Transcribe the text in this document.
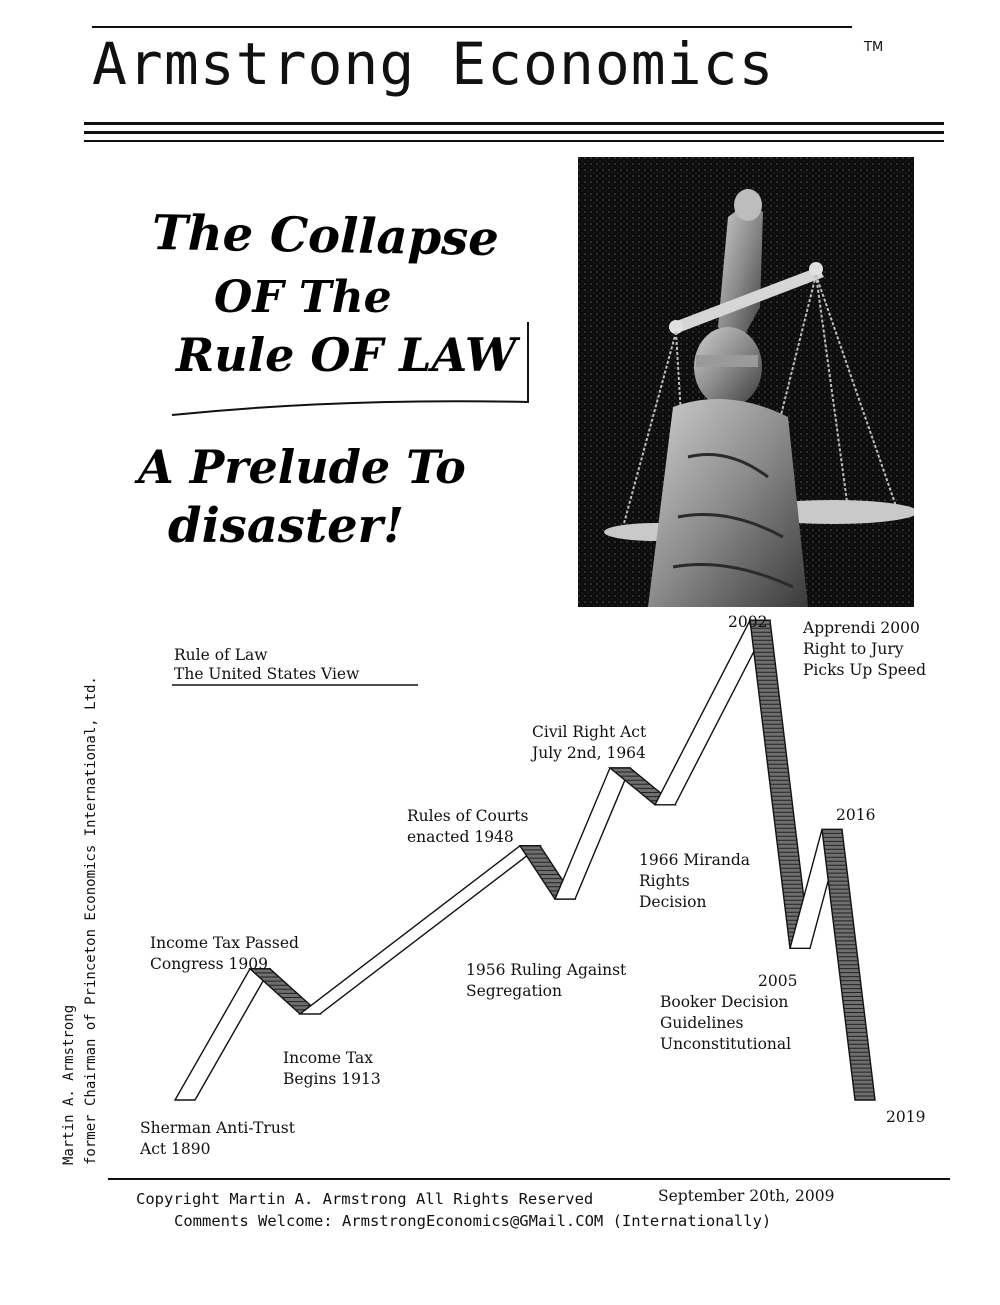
Armstrong Economics	TM
The Collapse
OF The
Rule OF LAW
A Prelude To
disaster!
Martin A. Armstrong former Chairman of Princeton Economics International, Ltd.
Rule of Law
The United States View
Sherman Anti-Trust
Act 1890
Income Tax Passed
Congress 1909
Income Tax
Begins 1913
Rules of Courts
enacted 1948
1956 Ruling Against
Segregation
Civil Right Act
July 2nd, 1964
1966 Miranda
Rights
Decision
2002 Apprendi 2000
Right to Jury
Picks Up Speed
2016
2005
Booker Decision
Guidelines
Unconstitutional
2019
Copyright Martin A. Armstrong All Rights Reserved	September 20th, 2009
Comments Welcome: ArmstrongEconomics@GMail.COM (Internationally)
